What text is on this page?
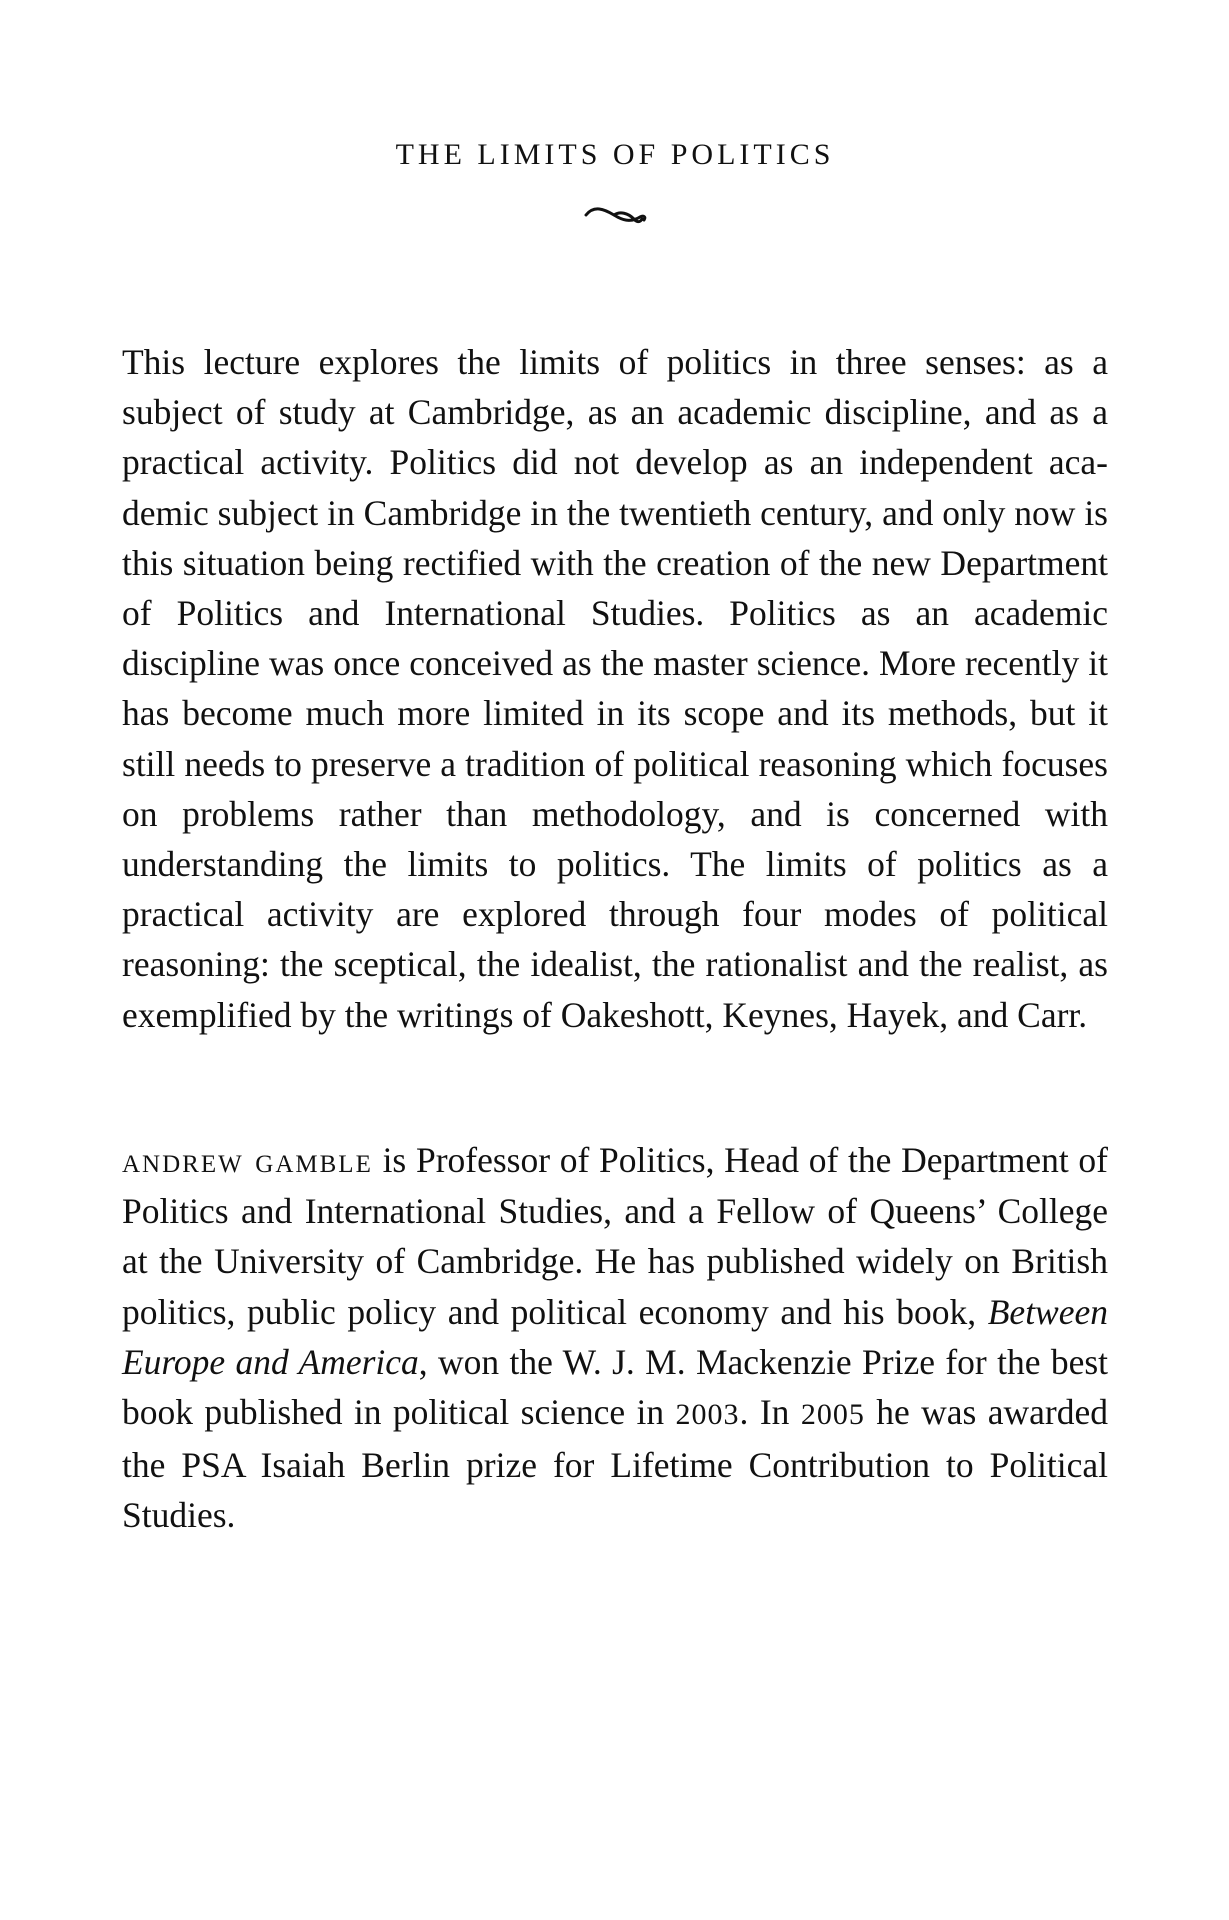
THE LIMITS OF POLITICS

This lecture explores the limits of politics in three senses: as a subject of study at Cambridge, as an academic discipline, and as a practical activity. Politics did not develop as an independent academic subject in Cambridge in the twentieth century, and only now is this situation being rectified with the creation of the new Department of Politics and International Studies. Politics as an academic discipline was once conceived as the master science. More recently it has become much more limited in its scope and its methods, but it still needs to preserve a tradition of political reasoning which focuses on problems rather than methodology, and is concerned with understanding the limits to politics. The limits of politics as a practical activity are explored through four modes of political reasoning: the sceptical, the idealist, the rationalist and the realist, as exemplified by the writings of Oakeshott, Keynes, Hayek, and Carr.

andrew gamble is Professor of Politics, Head of the Department of Politics and International Studies, and a Fellow of Queens’ College at the University of Cambridge. He has published widely on British politics, public policy and political economy and his book, Between Europe and America, won the W. J. M. Mackenzie Prize for the best book published in political science in 2003. In 2005 he was awarded the PSA Isaiah Berlin prize for Lifetime Contribution to Political Studies.
